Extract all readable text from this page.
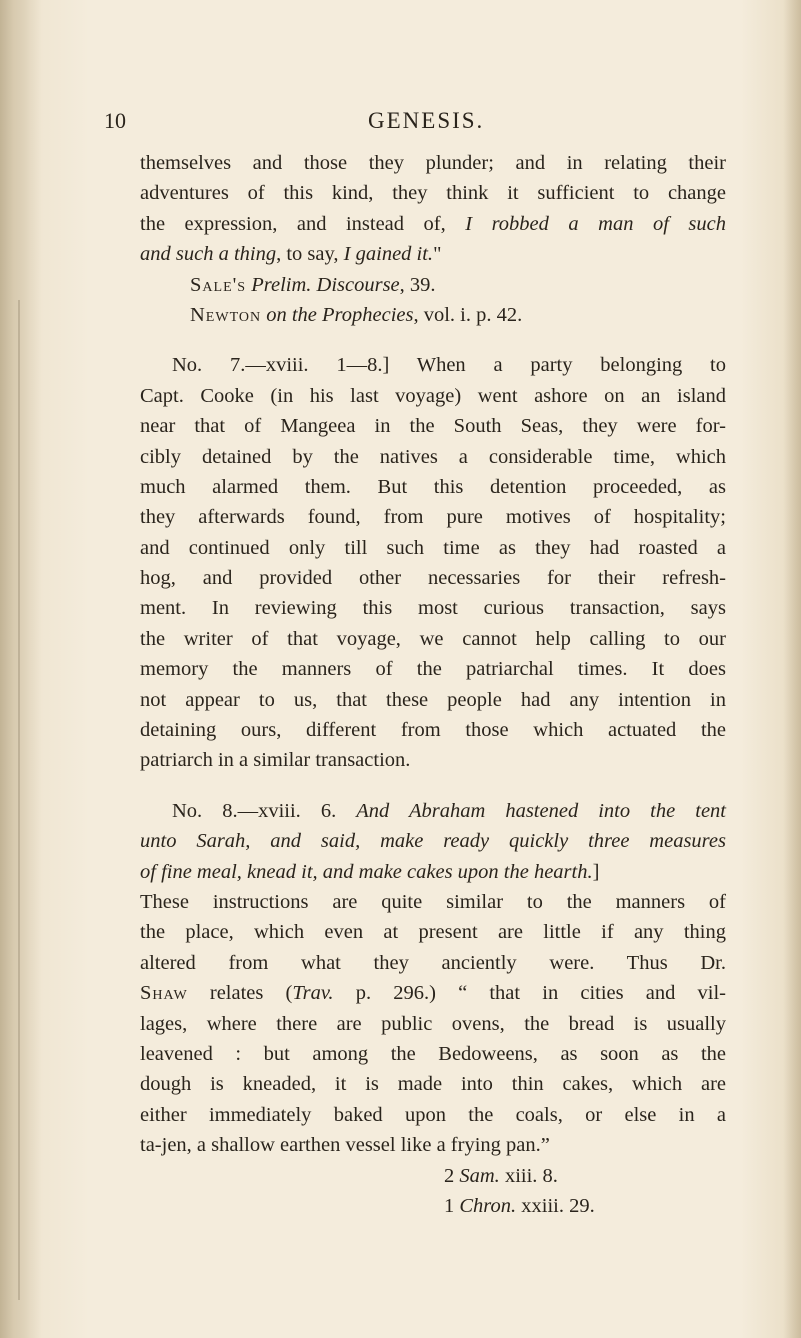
10	GENESIS.
themselves and those they plunder; and in relating their
adventures of this kind, they think it sufficient to change
the expression, and instead of, I robbed a man of such
and such a thing, to say, I gained it."
Sale's Prelim. Discourse, 39.
Newton on the Prophecies, vol. i. p. 42.
No. 7.—xviii. 1—8.] When a party belonging to
Capt. Cooke (in his last voyage) went ashore on an island
near that of Mangeea in the South Seas, they were for-
cibly detained by the natives a considerable time, which
much alarmed them. But this detention proceeded, as
they afterwards found, from pure motives of hospitality;
and continued only till such time as they had roasted a
hog, and provided other necessaries for their refresh-
ment. In reviewing this most curious transaction, says
the writer of that voyage, we cannot help calling to our
memory the manners of the patriarchal times. It does
not appear to us, that these people had any intention in
detaining ours, different from those which actuated the
patriarch in a similar transaction.
No. 8.—xviii. 6. And Abraham hastened into the tent
unto Sarah, and said, make ready quickly three measures
of fine meal, knead it, and make cakes upon the hearth.]
These instructions are quite similar to the manners of
the place, which even at present are little if any thing
altered from what they anciently were. Thus Dr.
Shaw relates (Trav. p. 296.) “ that in cities and vil-
lages, where there are public ovens, the bread is usually
leavened : but among the Bedoweens, as soon as the
dough is kneaded, it is made into thin cakes, which are
either immediately baked upon the coals, or else in a
ta-jen, a shallow earthen vessel like a frying pan.”
2 Sam. xiii. 8.
1 Chron. xxiii. 29.
